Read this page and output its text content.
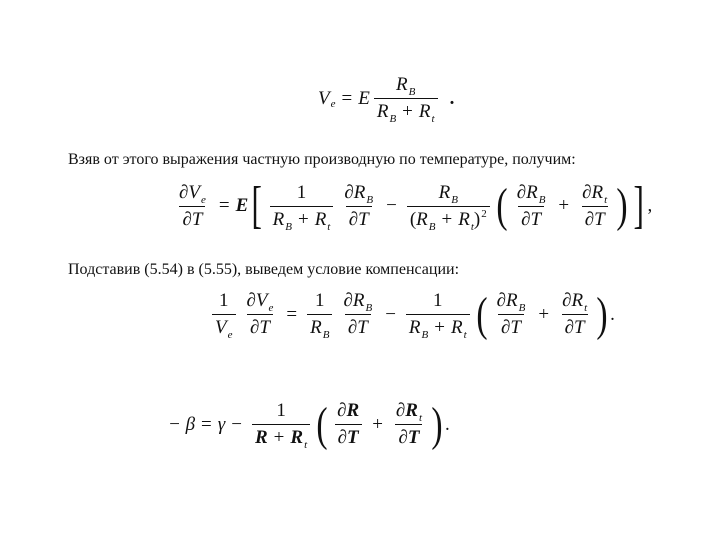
V e = E $\frac{R_B}{R_B + R_t}$ .
Взяв от этого выражения частную производную по температуре, получим:
$\frac{\partial V_e}{\partial T} = E$ [ $\frac{1}{R_B + R_t} \frac{\partial R_B}{\partial T} - \frac{R_B}{(R_B + R_t)^2}$ ( $\frac{\partial R_B}{\partial T} + \frac{\partial R_t}{\partial T}$ ) ] ,
Подставив (5.54) в (5.55), выведем условие компенсации:
$\frac{1}{V_e} \frac{\partial V_e}{\partial T} = \frac{1}{R_B} \frac{\partial R_B}{\partial T} - \frac{1}{R_B + R_t}$ ( $\frac{\partial R_B}{\partial T} + \frac{\partial R_t}{\partial T}$ ) .
− $\beta = \gamma - \frac{1}{R + R_t}$ ( $\frac{\partial R}{\partial T} + \frac{\partial R_t}{\partial T}$ ) .
